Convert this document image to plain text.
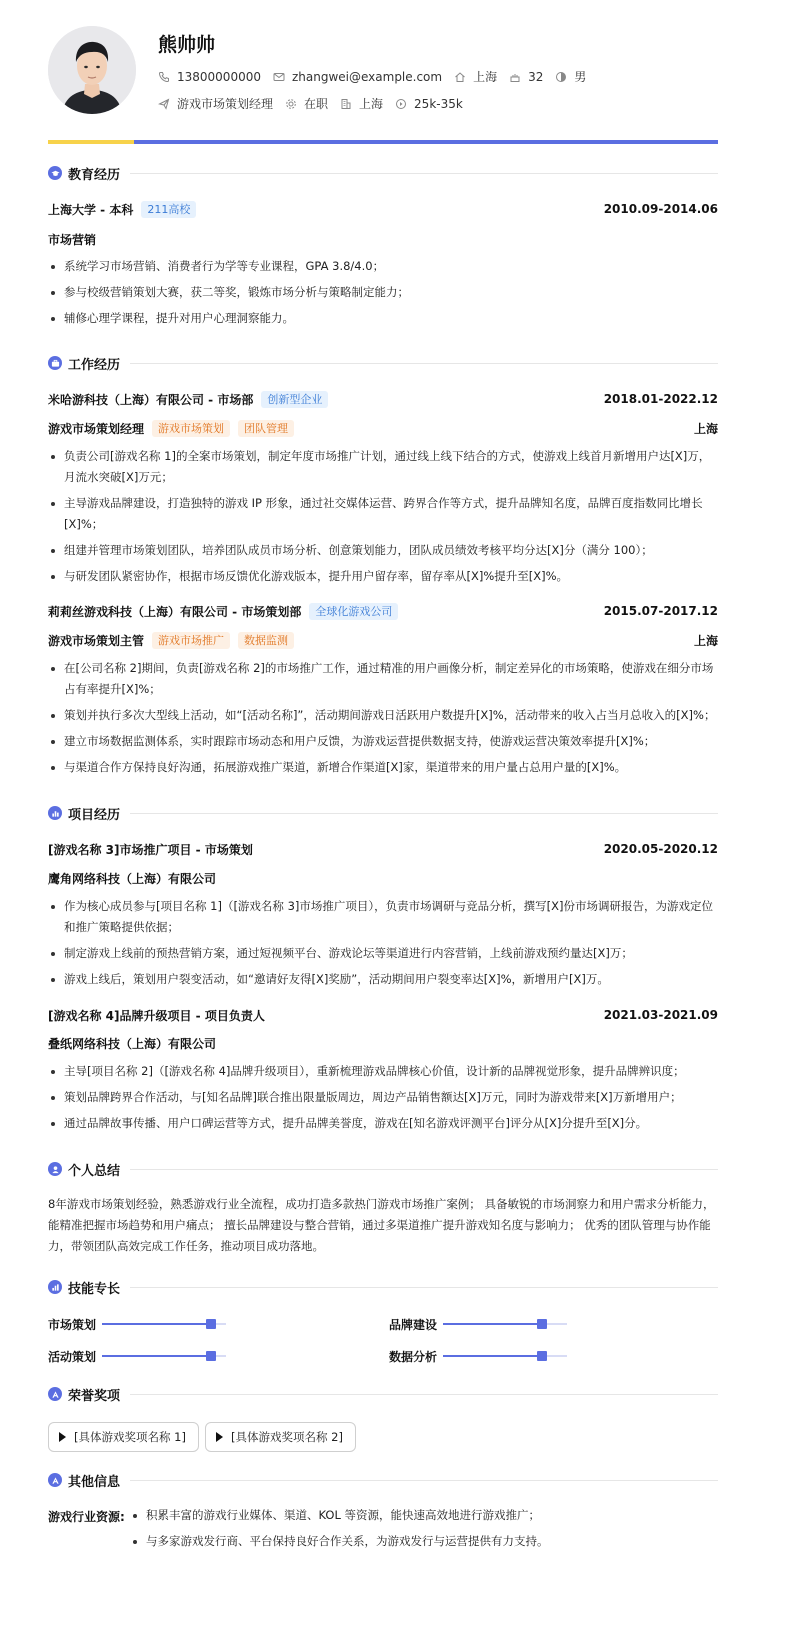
熊帅帅
13800000000	zhangwei@example.com	上海	32	男
游戏市场策划经理	在职	上海	25k-35k
教育经历
上海大学 - 本科	211高校	2010.09-2014.06
市场营销
系统学习市场营销、消费者行为学等专业课程，GPA 3.8/4.0；
参与校级营销策划大赛，获二等奖，锻炼市场分析与策略制定能力；
辅修心理学课程，提升对用户心理洞察能力。
工作经历
米哈游科技（上海）有限公司 - 市场部	创新型企业	2018.01-2022.12
游戏市场策划经理	游戏市场策划	团队管理	上海
负责公司[游戏名称 1]的全案市场策划，制定年度市场推广计划，通过线上线下结合的方式，使游戏上线首月新增用户达[X]万，月流水突破[X]万元；
主导游戏品牌建设，打造独特的游戏 IP 形象，通过社交媒体运营、跨界合作等方式，提升品牌知名度，品牌百度指数同比增长[X]%；
组建并管理市场策划团队，培养团队成员市场分析、创意策划能力，团队成员绩效考核平均分达[X]分（满分 100）；
与研发团队紧密协作，根据市场反馈优化游戏版本，提升用户留存率，留存率从[X]%提升至[X]%。
莉莉丝游戏科技（上海）有限公司 - 市场策划部	全球化游戏公司	2015.07-2017.12
游戏市场策划主管	游戏市场推广	数据监测	上海
在[公司名称 2]期间，负责[游戏名称 2]的市场推广工作，通过精准的用户画像分析，制定差异化的市场策略，使游戏在细分市场占有率提升[X]%；
策划并执行多次大型线上活动，如“[活动名称]”，活动期间游戏日活跃用户数提升[X]%，活动带来的收入占当月总收入的[X]%；
建立市场数据监测体系，实时跟踪市场动态和用户反馈，为游戏运营提供数据支持，使游戏运营决策效率提升[X]%；
与渠道合作方保持良好沟通，拓展游戏推广渠道，新增合作渠道[X]家，渠道带来的用户量占总用户量的[X]%。
项目经历
[游戏名称 3]市场推广项目 - 市场策划	2020.05-2020.12
鹰角网络科技（上海）有限公司
作为核心成员参与[项目名称 1]（[游戏名称 3]市场推广项目），负责市场调研与竞品分析，撰写[X]份市场调研报告，为游戏定位和推广策略提供依据；
制定游戏上线前的预热营销方案，通过短视频平台、游戏论坛等渠道进行内容营销，上线前游戏预约量达[X]万；
游戏上线后，策划用户裂变活动，如“邀请好友得[X]奖励”，活动期间用户裂变率达[X]%，新增用户[X]万。
[游戏名称 4]品牌升级项目 - 项目负责人	2021.03-2021.09
叠纸网络科技（上海）有限公司
主导[项目名称 2]（[游戏名称 4]品牌升级项目），重新梳理游戏品牌核心价值，设计新的品牌视觉形象，提升品牌辨识度；
策划品牌跨界合作活动，与[知名品牌]联合推出限量版周边，周边产品销售额达[X]万元，同时为游戏带来[X]万新增用户；
通过品牌故事传播、用户口碑运营等方式，提升品牌美誉度，游戏在[知名游戏评测平台]评分从[X]分提升至[X]分。
个人总结
8年游戏市场策划经验，熟悉游戏行业全流程，成功打造多款热门游戏市场推广案例； 具备敏锐的市场洞察力和用户需求分析能力，能精准把握市场趋势和用户痛点； 擅长品牌建设与整合营销，通过多渠道推广提升游戏知名度与影响力； 优秀的团队管理与协作能力，带领团队高效完成工作任务，推动项目成功落地。
技能专长
市场策划	品牌建设
活动策划	数据分析
荣誉奖项
[具体游戏奖项名称 1]	[具体游戏奖项名称 2]
其他信息
游戏行业资源:	积累丰富的游戏行业媒体、渠道、KOL 等资源，能快速高效地进行游戏推广；
与多家游戏发行商、平台保持良好合作关系，为游戏发行与运营提供有力支持。
